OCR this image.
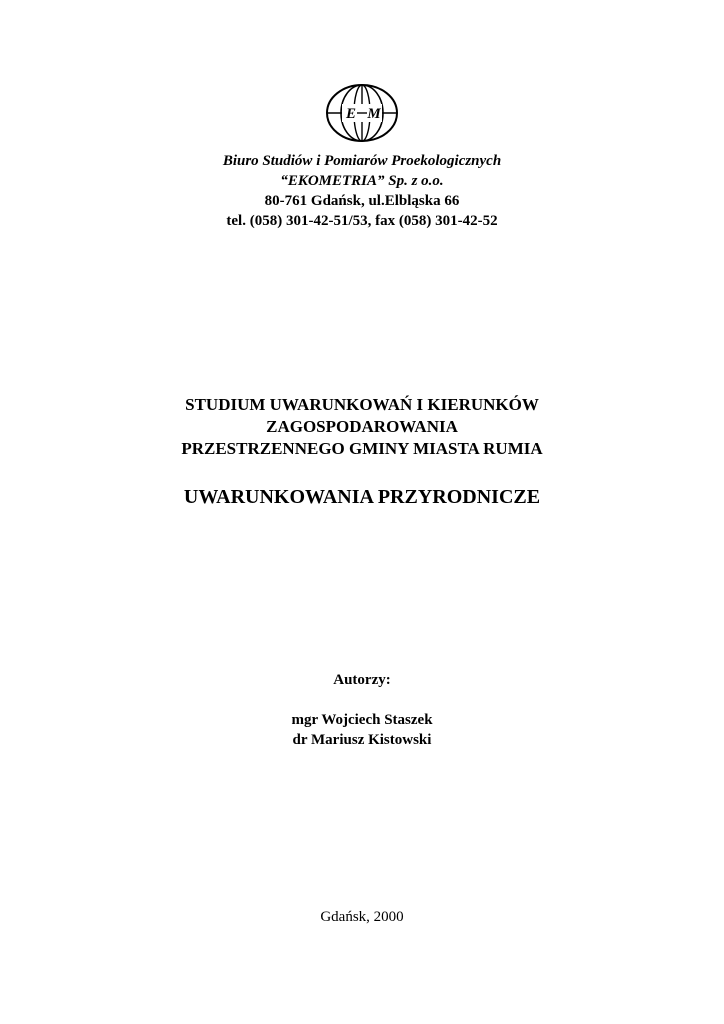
E M
Biuro Studiów i Pomiarów Proekologicznych
“EKOMETRIA” Sp. z o.o.
80-761 Gdańsk, ul.Elbląska 66
tel. (058) 301-42-51/53, fax (058) 301-42-52
STUDIUM UWARUNKOWAŃ I KIERUNKÓW
ZAGOSPODAROWANIA
PRZESTRZENNEGO GMINY MIASTA RUMIA
UWARUNKOWANIA PRZYRODNICZE
Autorzy:
mgr Wojciech Staszek
dr Mariusz Kistowski
Gdańsk, 2000
